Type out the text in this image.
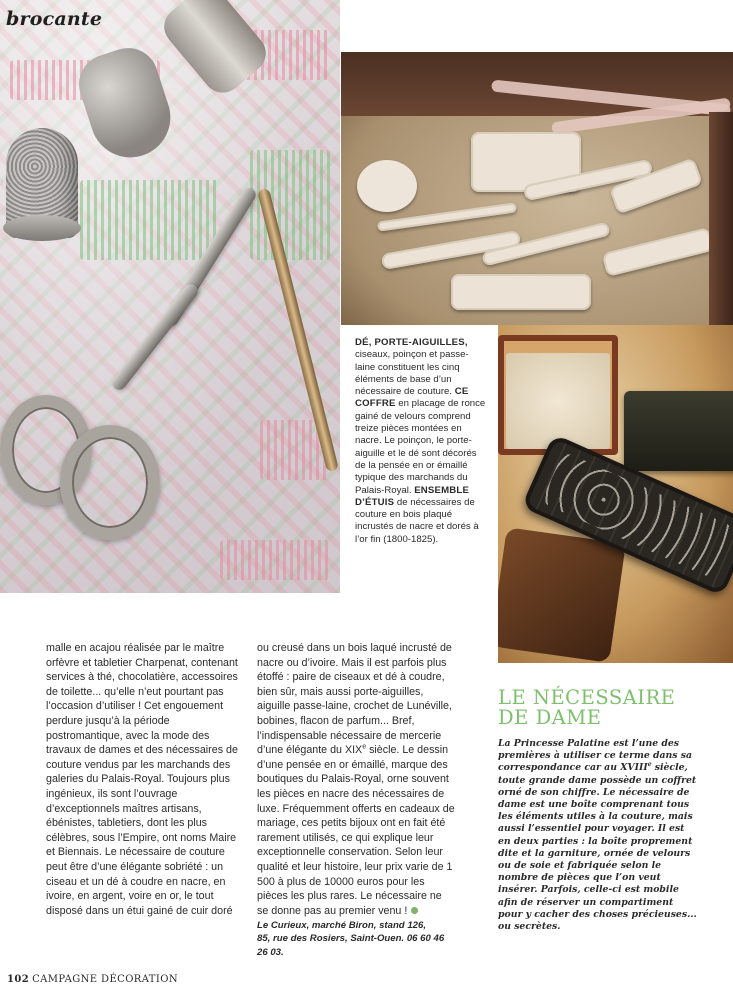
brocante
DÉ, PORTE-AIGUILLES, ciseaux, poinçon et passe-laine constituent les cinq éléments de base d’un nécessaire de couture. CE COFFRE en placage de ronce gainé de velours comprend treize pièces montées en nacre. Le poinçon, le porte-aiguille et le dé sont décorés de la pensée en or émaillé typique des marchands du Palais-Royal. ENSEMBLE D’ÉTUIS de nécessaires de couture en bois plaqué incrustés de nacre et dorés à l’or fin (1800-1825).

malle en acajou réalisée par le maître orfèvre et tabletier Charpenat, contenant services à thé, chocolatière, accessoires de toilette... qu’elle n’eut pourtant pas l’occasion d’utiliser ! Cet engouement perdure jusqu’à la période postromantique, avec la mode des travaux de dames et des nécessaires de couture vendus par les marchands des galeries du Palais-Royal. Toujours plus ingénieux, ils sont l’ouvrage d’exceptionnels maîtres artisans, ébénistes, tabletiers, dont les plus célèbres, sous l’Empire, ont noms Maire et Biennais. Le nécessaire de couture peut être d’une élégante sobriété : un ciseau et un dé à coudre en nacre, en ivoire, en argent, voire en or, le tout disposé dans un étui gainé de cuir doré

ou creusé dans un bois laqué incrusté de nacre ou d’ivoire. Mais il est parfois plus étoffé : paire de ciseaux et dé à coudre, bien sûr, mais aussi porte-aiguilles, aiguille passe-laine, crochet de Lunéville, bobines, flacon de parfum... Bref, l’indispensable nécessaire de mercerie d’une élégante du XIXe siècle. Le dessin d’une pensée en or émaillé, marque des boutiques du Palais-Royal, orne souvent les pièces en nacre des nécessaires de luxe. Fréquemment offerts en cadeaux de mariage, ces petits bijoux ont en fait été rarement utilisés, ce qui explique leur exceptionnelle conservation. Selon leur qualité et leur histoire, leur prix varie de 1 500 à plus de 10000 euros pour les pièces les plus rares. Le nécessaire ne se donne pas au premier venu !

Le Curieux, marché Biron, stand 126,
85, rue des Rosiers, Saint-Ouen. 06 60 46 26 03.

LE NÉCESSAIRE
DE DAME

La Princesse Palatine est l’une des premières à utiliser ce terme dans sa correspondance car au XVIIIe siècle, toute grande dame possède un coffret orné de son chiffre. Le nécessaire de dame est une boîte comprenant tous les éléments utiles à la couture, mais aussi l’essentiel pour voyager. Il est en deux parties : la boîte proprement dite et la garniture, ornée de velours ou de soie et fabriquée selon le nombre de pièces que l’on veut insérer. Parfois, celle-ci est mobile afin de réserver un compartiment pour y cacher des choses précieuses... ou secrètes.

102 CAMPAGNE DÉCORATION
